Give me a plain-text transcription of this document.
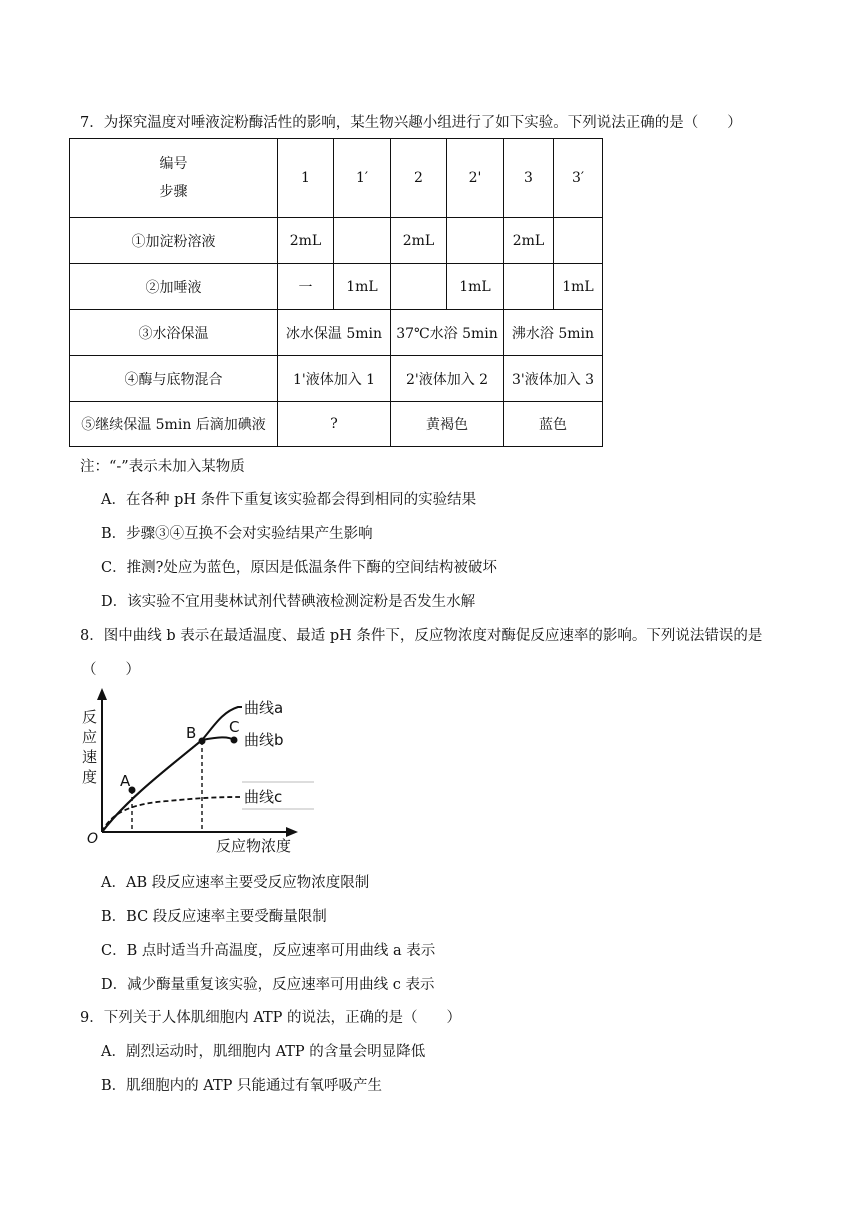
7．为探究温度对唾液淀粉酶活性的影响，某生物兴趣小组进行了如下实验。下列说法正确的是（　　）
编号
步骤	1	1′	2	2'	3	3′
①加淀粉溶液	2mL		2mL		2mL	
②加唾液	一	1mL		1mL		1mL
③水浴保温	冰水保温 5min		37℃水浴 5min		沸水浴 5min	
④酶与底物混合	1'液体加入 1		2'液体加入 2		3'液体加入 3	
⑤继续保温 5min 后滴加碘液	?		黄褐色		蓝色	
注：“-”表示未加入某物质
A．在各种 pH 条件下重复该实验都会得到相同的实验结果
B．步骤③④互换不会对实验结果产生影响
C．推测?处应为蓝色，原因是低温条件下酶的空间结构被破坏
D．该实验不宜用斐林试剂代替碘液检测淀粉是否发生水解
8．图中曲线 b 表示在最适温度、最适 pH 条件下，反应物浓度对酶促反应速率的影响。下列说法错误的是
（　　）
反
应
速
度
O	反应物浓度
A
B C
曲线a
曲线b
曲线c
A．AB 段反应速率主要受反应物浓度限制
B．BC 段反应速率主要受酶量限制
C．B 点时适当升高温度，反应速率可用曲线 a 表示
D．减少酶量重复该实验，反应速率可用曲线 c 表示
9．下列关于人体肌细胞内 ATP 的说法，正确的是（　　）
A．剧烈运动时，肌细胞内 ATP 的含量会明显降低
B．肌细胞内的 ATP 只能通过有氧呼吸产生
